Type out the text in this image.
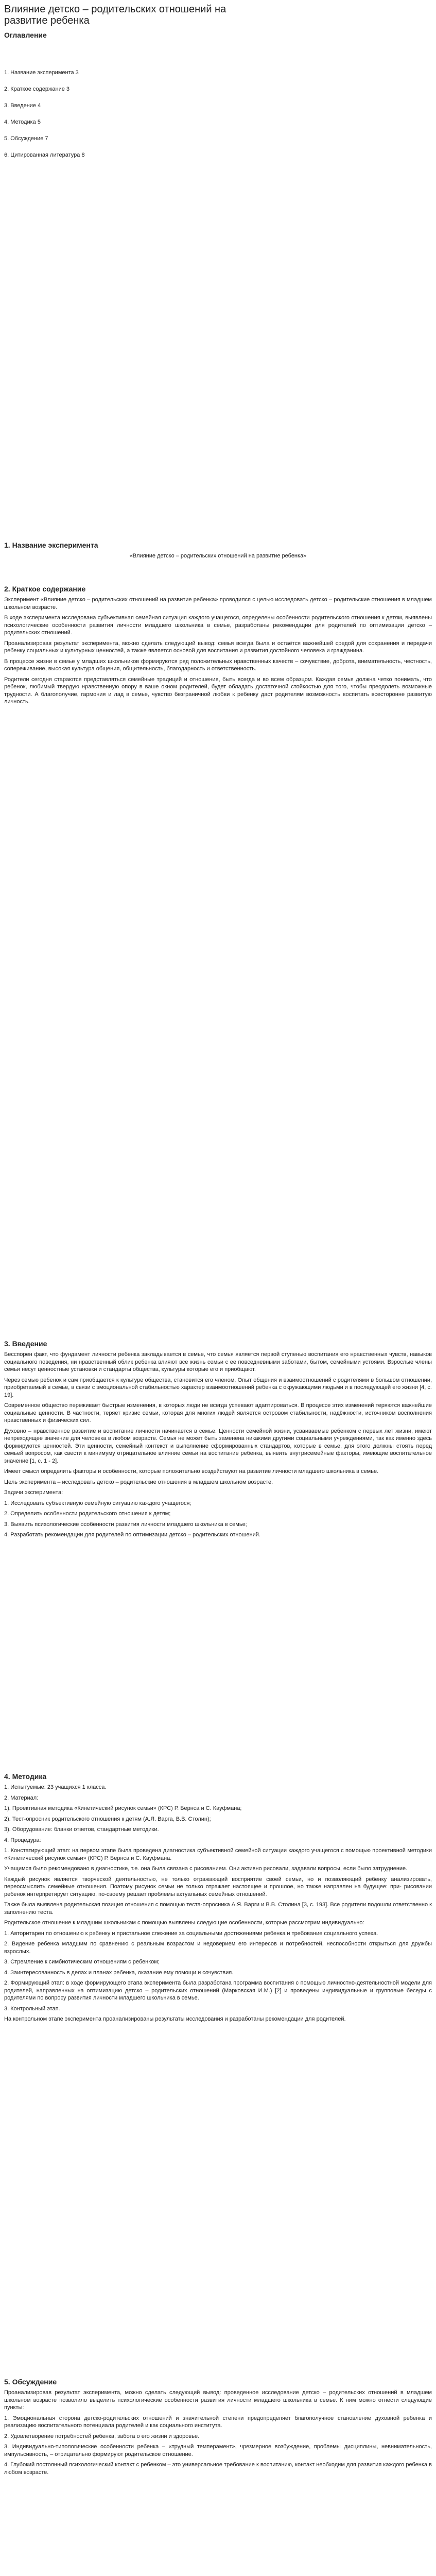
Влияние детско – родительских отношений на развитие ребенка
Оглавление
1. Название эксперимента 3
2. Краткое содержание 3
3. Введение 4
4. Методика 5
5. Обсуждение 7
6. Цитированная литература 8
1. Название эксперимента

«Влияние детско – родительских отношений на развитие ребенка»

2. Краткое содержание

Эксперимент «Влияние детско – родительских отношений на развитие ребенка» проводился с целью исследовать детско – родительские отношения в младшем школьном возрасте.

В ходе эксперимента исследована субъективная семейная ситуация каждого учащегося, определены особенности родительского отношения к детям, выявлены психологические особенности развития личности младшего школьника в семье, разработаны рекомендации для родителей по оптимизации детско – родительских отношений.

Проанализировав результат эксперимента, можно сделать следующий вывод: семья всегда была и остаётся важнейшей средой для сохранения и передачи ребенку социальных и культурных ценностей, а также является основой для воспитания и развития достойного человека и гражданина.

В процессе жизни в семье у младших школьников формируются ряд положительных нравственных качеств – сочувствие, доброта, внимательность, честность, сопереживание, высокая культура общения, общительность, благодарность и ответственность.

Родители сегодня стараются представляться семейные традиций и отношения, быть всегда и во всем образцом. Каждая семья должна четко понимать, что ребенок, любимый твердую нравственную опору в ваше окном родителей, будет обладать достаточной стойкостью для того, чтобы преодолеть возможные трудности. А благополучие, гармония и лад в семье, чувство безграничной любви к ребенку даст родителям возможность воспитать всесторонне развитую личность.

3. Введение

Бесспорен факт, что фундамент личности ребенка закладывается в семье, что семья является первой ступенью воспитания его нравственных чувств, навыков социального поведения, ни нравственный облик ребенка влияют все жизнь семьи с ее повседневными заботами, бытом, семейными устоями. Взрослые члены семьи несут ценностные установки и стандарты общества, культуры которые его и приобщают.

Через семью ребенок и сам приобщается к культуре общества, становится его членом. Опыт общения и взаимоотношений с родителями в большом отношении, приобретаемый в семье, в связи с эмоциональной стабильностью характер взаимоотношений ребенка с окружающими людьми и в последующей его жизни [4, с. 19].

Современное общество переживает быстрые изменения, в которых люди не всегда успевают адаптироваться. В процессе этих изменений теряются важнейшие социальные ценности. В частности, теряет кризис семьи, которая для многих людей является островом стабильности, надёжности, источником восполнения нравственных и физических сил.

Духовно – нравственное развитие и воспитание личности начинается в семье. Ценности семейной жизни, усваиваемые ребенком с первых лет жизни, имеют непреходящее значение для человека в любом возрасте. Семья не может быть заменена никакими другими социальными учреждениями, так как именно здесь формируются ценностей. Эти ценности, семейный контекст и выполнение сформированных стандартов, которые в семье, для этого должны стоять перед семьей вопросом, как свести к минимуму отрицательное влияние семьи на воспитание ребенка, выявить внутрисемейные факторы, имеющие воспитательное значение [1, с. 1 - 2].

Имеет смысл определить факторы и особенности, которые положительно воздействуют на развитие личности младшего школьника в семье.

Цель эксперимента – исследовать детско – родительские отношения в младшем школьном возрасте.

Задачи эксперимента:

1. Исследовать субъективную семейную ситуацию каждого учащегося;

2. Определить особенности родительского отношения к детям;

3. Выявить психологические особенности развития личности младшего школьника в семье;

4. Разработать рекомендации для родителей по оптимизации детско – родительских отношений.

4. Методика

1. Испытуемые: 23 учащихся 1 класса.

2. Материал:

1). Проективная методика «Кинетический рисунок семьи» (КРС) Р. Бернса и С. Кауфмана;

2). Тест-опросник родительского отношения к детям (А.Я. Варга, В.В. Столин);

3). Оборудование: бланки ответов, стандартные методики.

4. Процедура:

1. Констатирующий этап: на первом этапе была проведена диагностика субъективной семейной ситуации каждого учащегося с помощью проективной методики «Кинетический рисунок семьи» (КРС) Р. Бернса и С. Кауфмана.

Учащимся было рекомендовано в диагностике, т.е. она была связана с рисованием. Они активно рисовали, задавали вопросы, если было затруднение.

Каждый рисунок является творческой деятельностью, не только отражающий восприятие своей семьи, но и позволяющий ребенку анализировать, переосмыслить семейные отношения. Поэтому рисунок семьи не только отражает настоящее и прошлое, но также направлен на будущее: при- рисовании ребенок интерпретирует ситуацию, по-своему решает проблемы актуальных семейных отношений.

Также была выявлена родительская позиция отношения с помощью теста-опросника А.Я. Варги и В.В. Столина [3, с. 193]. Все родители подошли ответственно к заполнению теста.

Родительское отношение к младшим школьникам с помощью выявлены следующие особенности, которые рассмотрим индивидуально:

1. Авторитарен по отношению к ребенку и пристальное слежение за социальными достижениями ребенка и требование социального успеха.

2. Видение ребенка младшим по сравнению с реальным возрастом и недоверием его интересов и потребностей, неспособности открыться для дружбы взрослых.

3. Стремление к симбиотическим отношениям с ребенком;

4. Заинтересованность в делах и планах ребенка, оказание ему помощи и сочувствия.

2. Формирующий этап: в ходе формирующего этапа эксперимента была разработана программа воспитания с помощью личностно-деятельностной модели для родителей, направленных на оптимизацию детско – родительских отношений (Марковская И.М.) [2] и проведены индивидуальные и групповые беседы с родителями по вопросу развития личности младшего школьника в семье.

3. Контрольный этап.

На контрольном этапе эксперимента проанализированы результаты исследования и разработаны рекомендации для родителей.

5. Обсуждение

Проанализировав результат эксперимента, можно сделать следующий вывод: проведенное исследование детско – родительских отношений в младшем школьном возрасте позволило выделить психологические особенности развития личности младшего школьника в семье. К ним можно отнести следующие пункты:

1. Эмоциональная сторона детско-родительских отношений и значительной степени предопределяет благополучное становление духовной ребенка и реализацию воспитательного потенциала родителей и как социального института.

2. Удовлетворение потребностей ребенка, забота о его жизни и здоровье.

3. Индивидуально-типологические особенности ребенка – «трудный темперамент», чрезмерное возбуждение, проблемы дисциплины, невнимательность, импульсивность, – отрицательно формируют родительское отношение.

4. Глубокий постоянный психологический контакт с ребенком – это универсальное требование к воспитанию, контакт необходим для развития каждого ребенка в любом возрасте.
